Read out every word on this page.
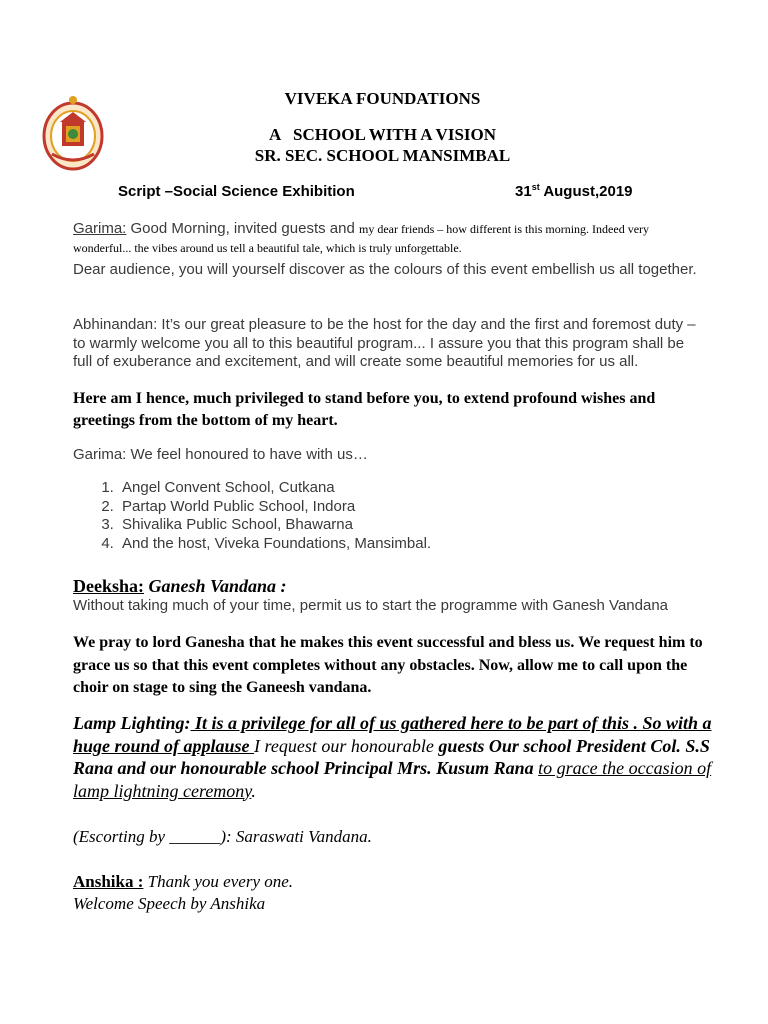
VIVEKA FOUNDATIONS
A   SCHOOL WITH A VISION
SR. SEC. SCHOOL MANSIMBAL
Script –Social Science Exhibition	31st August,2019
Garima: Good Morning, invited guests and my dear friends – how different is this morning. Indeed very wonderful... the vibes around us tell a beautiful tale, which is truly unforgettable.
Dear audience, you will yourself discover as the colours of this event embellish us all together.
Abhinandan: It’s our great pleasure to be the host for the day and the first and foremost duty – to warmly welcome you all to this beautiful program... I assure you that this program shall be full of exuberance and excitement, and will create some beautiful memories for us all.
Here am I hence, much privileged to stand before you, to extend profound wishes and greetings from the bottom of my heart.
Garima: We feel honoured to have with us…
1. Angel Convent School, Cutkana
2. Partap World Public School, Indora
3. Shivalika Public School, Bhawarna
4. And the host, Viveka Foundations, Mansimbal.
Deeksha: Ganesh Vandana :
Without taking much of your time, permit us to start the programme with Ganesh Vandana
We pray to lord Ganesha that he makes this event successful and bless us. We request him to grace us so that this event completes without any obstacles. Now, allow me to call upon the choir on stage to sing the Ganeesh vandana.
Lamp Lighting: It is a privilege for all of us gathered here to be part of this . So with a huge round of applause I request our honourable guests Our school President Col. S.S Rana and our honourable school Principal Mrs. Kusum Rana to grace the occasion of lamp lightning ceremony.
(Escorting by ______): Saraswati Vandana.
Anshika : Thank you every one.
Welcome Speech by Anshika
